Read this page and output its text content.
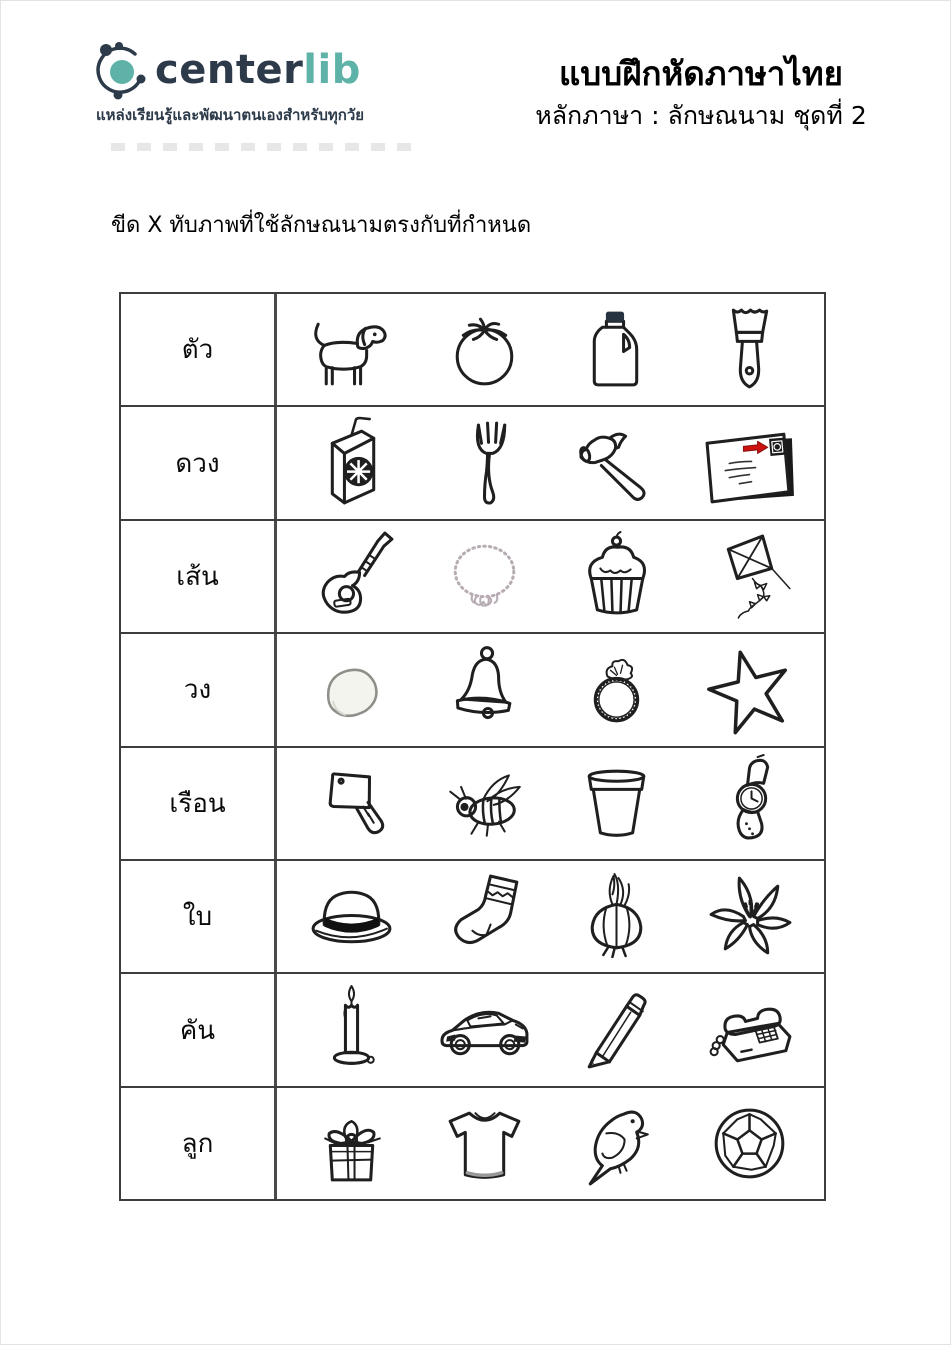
centerlib
แหล่งเรียนรู้และพัฒนาตนเองสำหรับทุกวัย
แบบฝึกหัดภาษาไทย
หลักภาษา : ลักษณนาม ชุดที่ 2
ขีด X ทับภาพที่ใช้ลักษณนามตรงกับที่กำหนด
ตัว
ดวง
เส้น
วง
เรือน
ใบ
คัน
ลูก
